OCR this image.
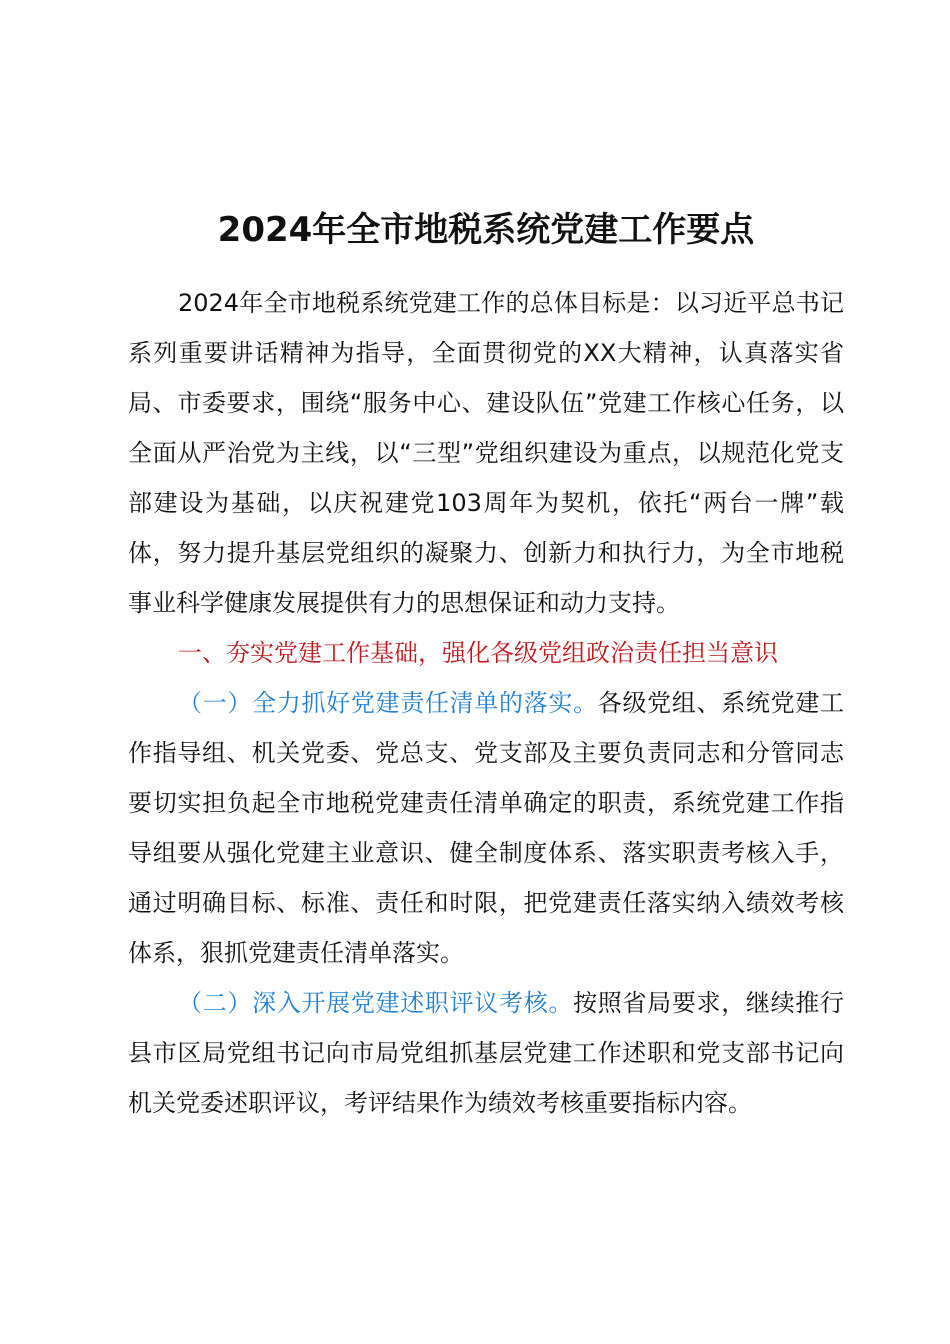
2024年全市地税系统党建工作要点

2024年全市地税系统党建工作的总体目标是：以习近平总书记系列重要讲话精神为指导，全面贯彻党的XX大精神，认真落实省局、市委要求，围绕“服务中心、建设队伍”党建工作核心任务，以全面从严治党为主线，以“三型”党组织建设为重点，以规范化党支部建设为基础，以庆祝建党103周年为契机，依托“两台一牌”载体，努力提升基层党组织的凝聚力、创新力和执行力，为全市地税事业科学健康发展提供有力的思想保证和动力支持。

一、夯实党建工作基础，强化各级党组政治责任担当意识

（一）全力抓好党建责任清单的落实。各级党组、系统党建工作指导组、机关党委、党总支、党支部及主要负责同志和分管同志要切实担负起全市地税党建责任清单确定的职责，系统党建工作指导组要从强化党建主业意识、健全制度体系、落实职责考核入手，通过明确目标、标准、责任和时限，把党建责任落实纳入绩效考核体系，狠抓党建责任清单落实。

（二）深入开展党建述职评议考核。按照省局要求，继续推行县市区局党组书记向市局党组抓基层党建工作述职和党支部书记向机关党委述职评议，考评结果作为绩效考核重要指标内容。
